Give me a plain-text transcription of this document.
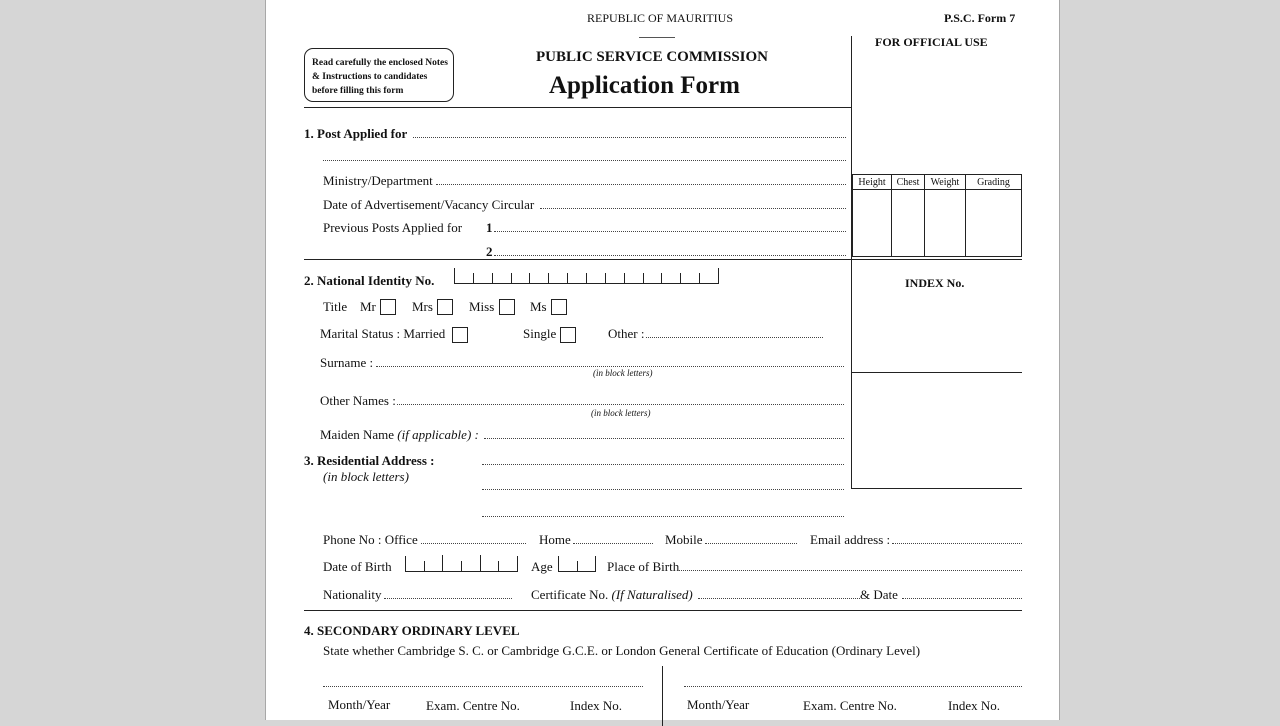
REPUBLIC OF MAURITIUS	P.S.C. Form 7
Read carefully the enclosed Notes
& Instructions to candidates
before filling this form
PUBLIC SERVICE COMMISSION
Application Form
FOR OFFICIAL USE
Height	Chest	Weight	Grading

INDEX No.
1. Post Applied for
Ministry/Department
Date of Advertisement/Vacancy Circular
Previous Posts Applied for 1
2
2. National Identity No.
Title Mr	Mrs	Miss	Ms
Marital Status : Married	Single	Other :
Surname :
(in block letters)
Other Names :
(in block letters)
Maiden Name (if applicable) :
3. Residential Address :
(in block letters)
Phone No : Office	Home	Mobile	Email address :
Date of Birth	Age	Place of Birth
Nationality	Certificate No. (If Naturalised)	& Date
4. SECONDARY ORDINARY LEVEL
State whether Cambridge S. C. or Cambridge G.C.E. or London General Certificate of Education (Ordinary Level)
Month/Year	Exam. Centre No.	Index No.	Month/Year	Exam. Centre No.	Index No.
